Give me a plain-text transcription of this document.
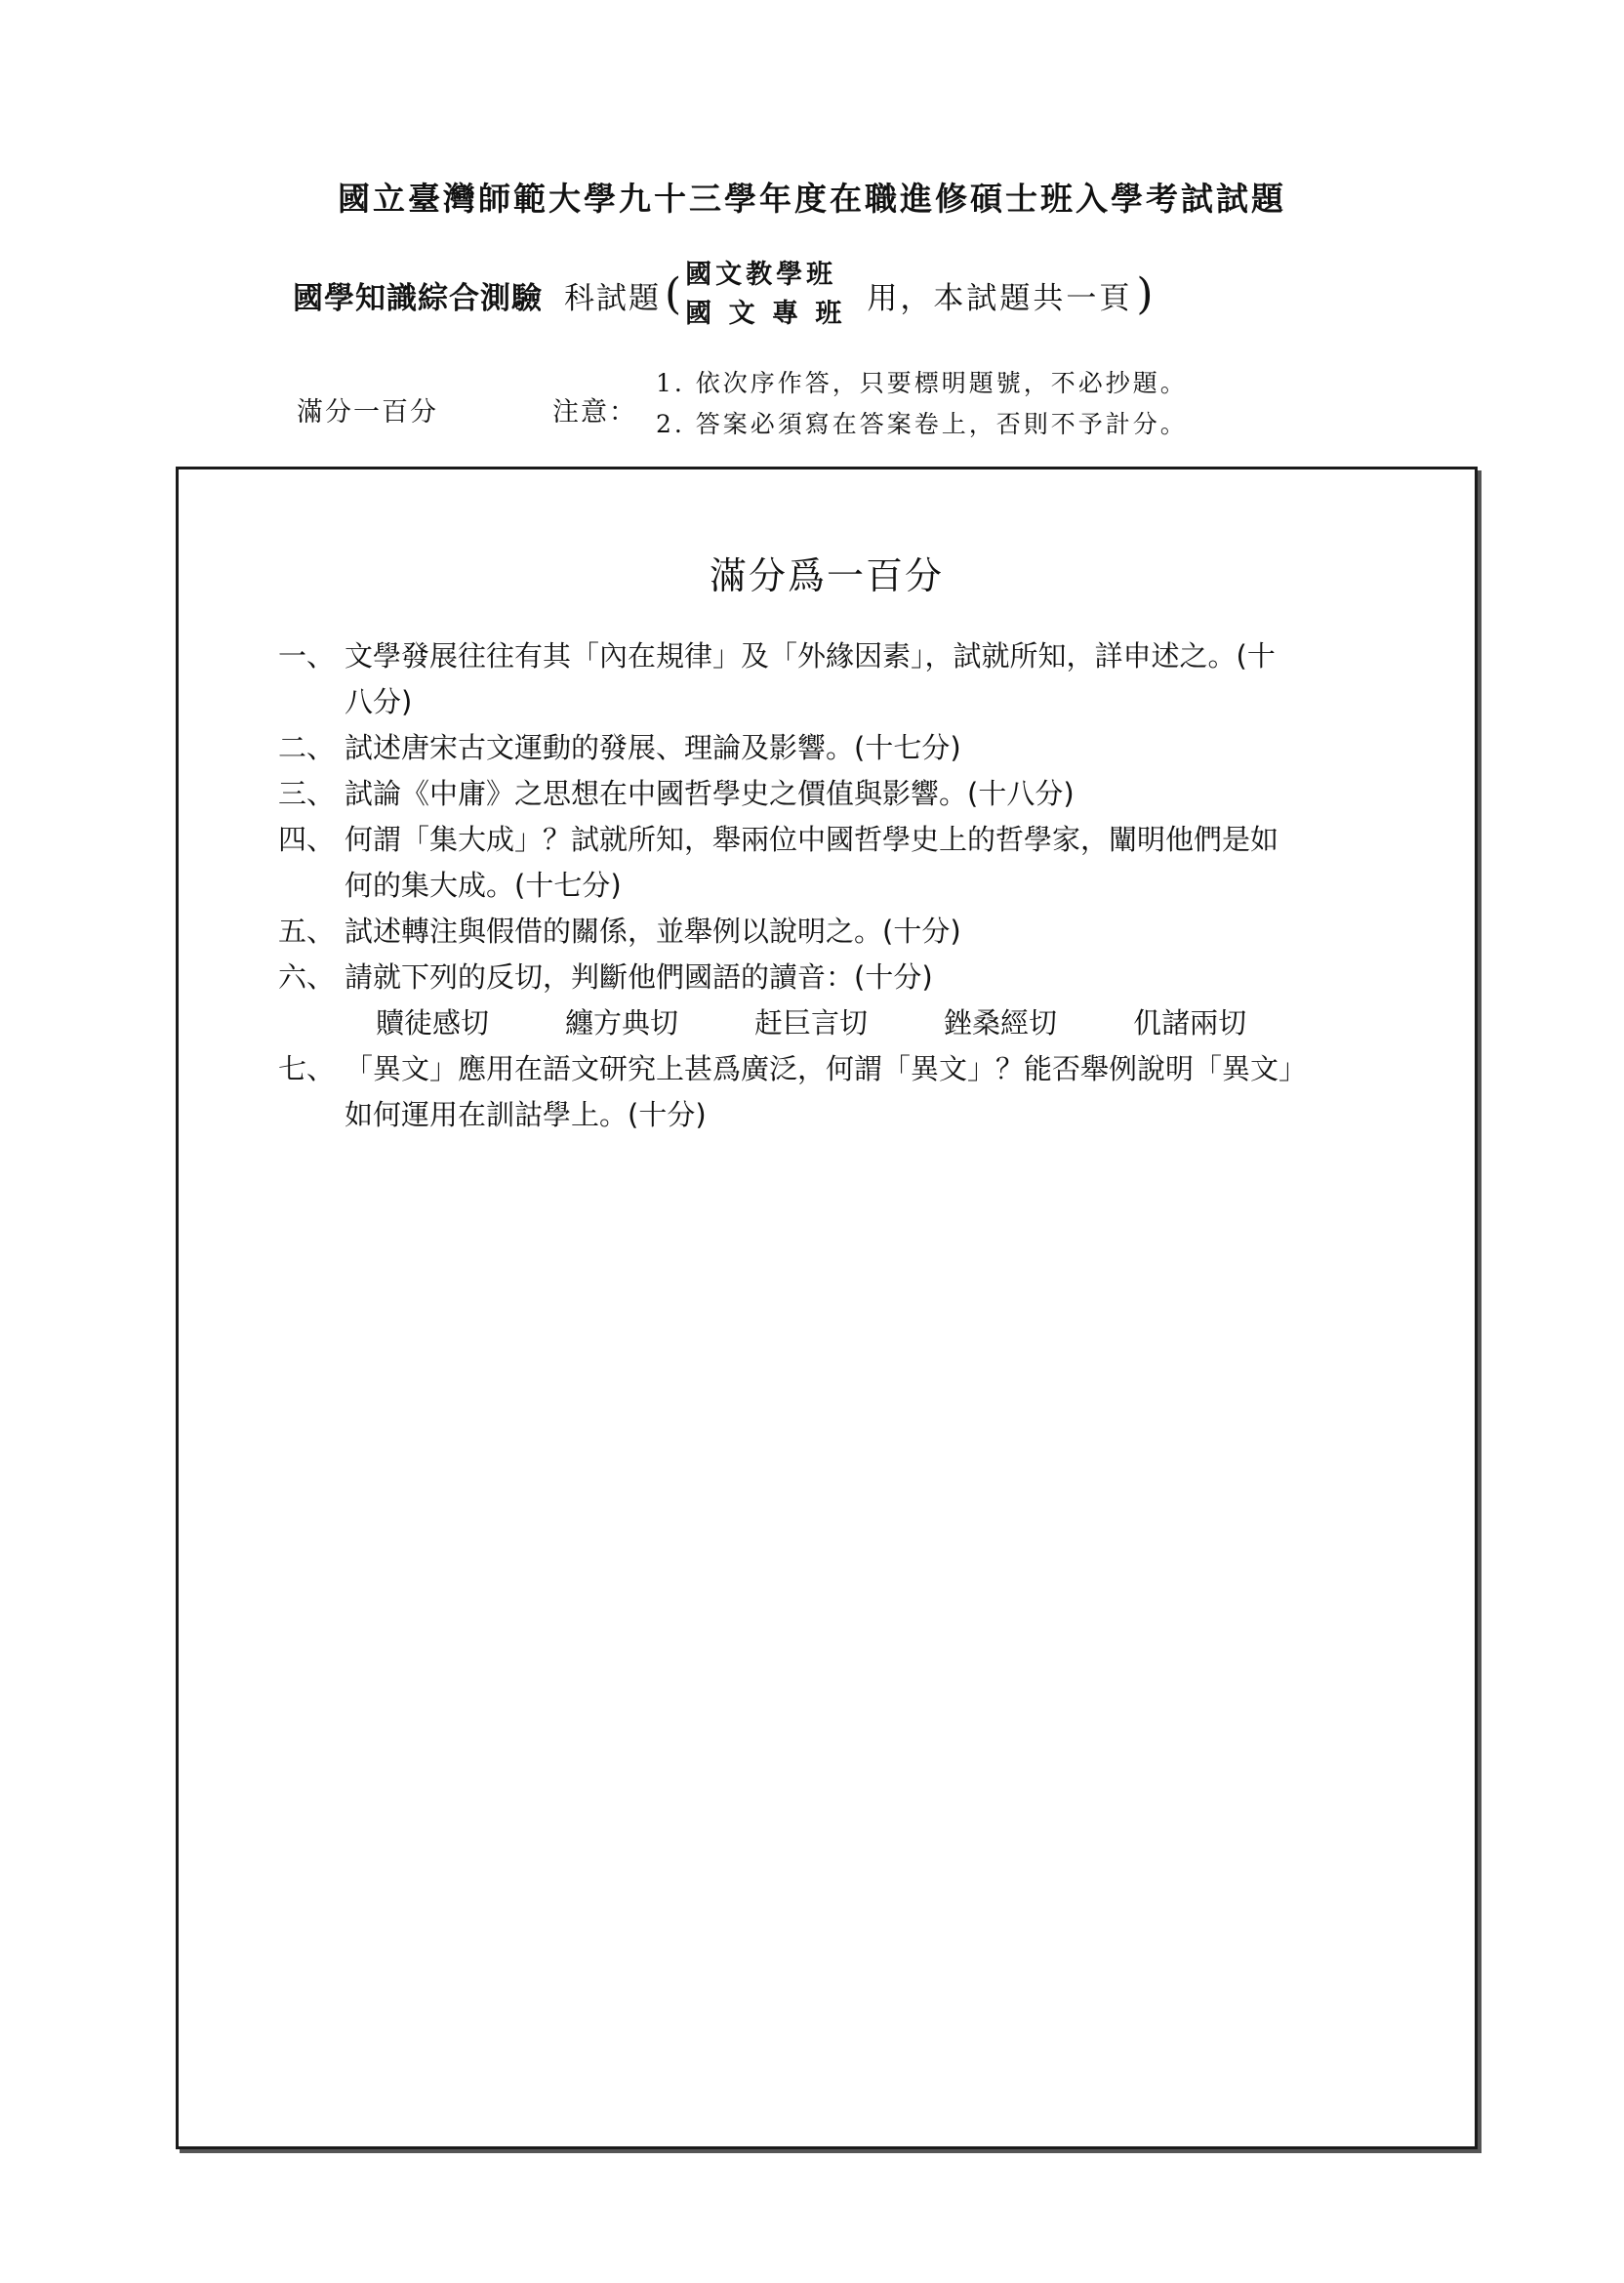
國立臺灣師範大學九十三學年度在職進修碩士班入學考試試題
國學知識綜合測驗 科試題 ( 國文教學班
國 文 專 班 用，本試題共一頁 )
滿分一百分	注意：
1. 依次序作答，只要標明題號，不必抄題。
2. 答案必須寫在答案卷上，否則不予計分。
滿分爲一百分
一、 文學發展往往有其「內在規律」及「外緣因素」，試就所知，詳申述之。(十
八分)
二、 試述唐宋古文運動的發展、理論及影響。(十七分)
三、 試論《中庸》之思想在中國哲學史之價值與影響。(十八分)
四、 何謂「集大成」？試就所知，舉兩位中國哲學史上的哲學家，闡明他們是如
何的集大成。(十七分)
五、 試述轉注與假借的關係，並舉例以說明之。(十分)
六、 請就下列的反切，判斷他們國語的讀音：(十分)
贖徒感切	纏方典切	赶巨言切	銼桑經切	仉諸兩切
七、 「異文」應用在語文研究上甚爲廣泛，何謂「異文」？能否舉例說明「異文」
如何運用在訓詁學上。(十分)
